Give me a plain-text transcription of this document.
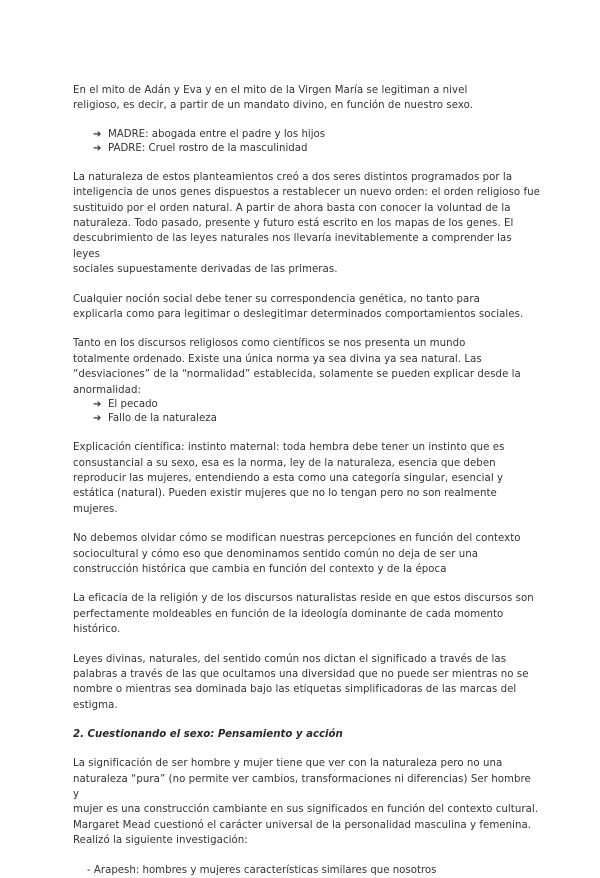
En el mito de Adán y Eva y en el mito de la Virgen María se legitiman a nivel
religioso, es decir, a partir de un mandato divino, en función de nuestro sexo.

➔ MADRE: abogada entre el padre y los hijos
➔ PADRE: Cruel rostro de la masculinidad

La naturaleza de estos planteamientos creó a dos seres distintos programados por la
inteligencia de unos genes dispuestos a restablecer un nuevo orden: el orden religioso fue
sustituido por el orden natural. A partir de ahora basta con conocer la voluntad de la
naturaleza. Todo pasado, presente y futuro está escrito en los mapas de los genes. El
descubrimiento de las leyes naturales nos llevaría inevitablemente a comprender las leyes
sociales supuestamente derivadas de las primeras.

Cualquier noción social debe tener su correspondencia genética, no tanto para
explicarla como para legitimar o deslegitimar determinados comportamientos sociales.

Tanto en los discursos religiosos como científicos se nos presenta un mundo
totalmente ordenado. Existe una única norma ya sea divina ya sea natural. Las
“desviaciones” de la “normalidad” establecida, solamente se pueden explicar desde la
anormalidad:

➔ El pecado
➔ Fallo de la naturaleza

Explicación científica: instinto maternal: toda hembra debe tener un instinto que es
consustancial a su sexo, esa es la norma, ley de la naturaleza, esencia que deben
reproducir las mujeres, entendiendo a esta como una categoría singular, esencial y
estática (natural). Pueden existir mujeres que no lo tengan pero no son realmente
mujeres.

No debemos olvidar cómo se modifican nuestras percepciones en función del contexto
sociocultural y cómo eso que denominamos sentido común no deja de ser una
construcción histórica que cambia en función del contexto y de la época

La eficacia de la religión y de los discursos naturalistas reside en que estos discursos son
perfectamente moldeables en función de la ideología dominante de cada momento
histórico.

Leyes divinas, naturales, del sentido común nos dictan el significado a través de las
palabras a través de las que ocultamos una diversidad que no puede ser mientras no se
nombre o mientras sea dominada bajo las etiquetas simplificadoras de las marcas del
estigma.

2. Cuestionando el sexo: Pensamiento y acción

La significación de ser hombre y mujer tiene que ver con la naturaleza pero no una
naturaleza “pura” (no permite ver cambios, transformaciones ni diferencias) Ser hombre y
mujer es una construcción cambiante en sus significados en función del contexto cultural.
Margaret Mead cuestionó el carácter universal de la personalidad masculina y femenina.
Realizó la siguiente investigación:

- Arapesh: hombres y mujeres características similares que nosotros
